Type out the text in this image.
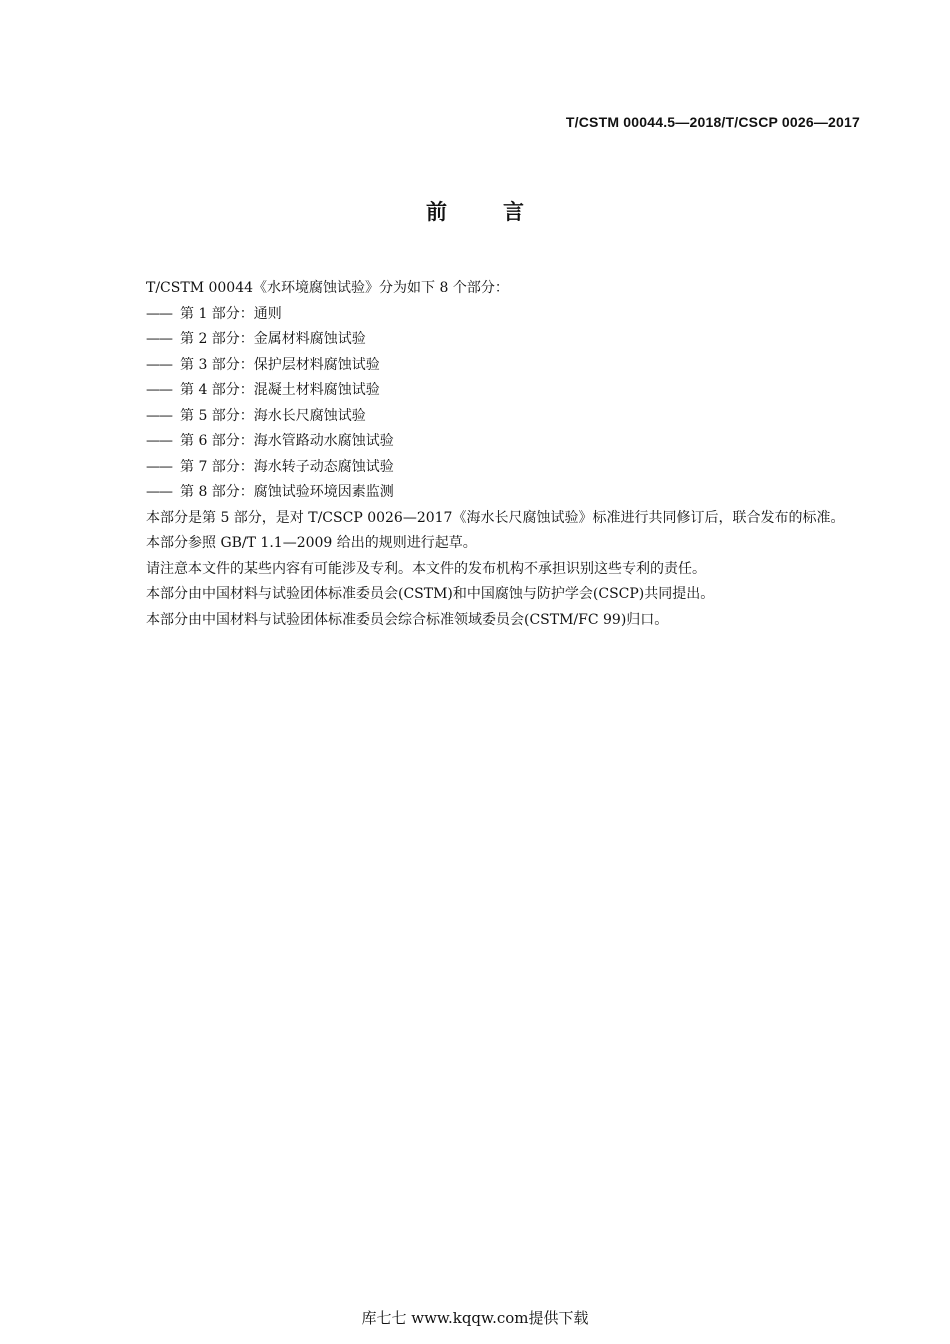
T/CSTM 00044.5—2018/T/CSCP 0026—2017
前言

T/CSTM 00044《水环境腐蚀试验》分为如下 8 个部分：

—— 第 1 部分：通则
—— 第 2 部分：金属材料腐蚀试验
—— 第 3 部分：保护层材料腐蚀试验
—— 第 4 部分：混凝土材料腐蚀试验
—— 第 5 部分：海水长尺腐蚀试验
—— 第 6 部分：海水管路动水腐蚀试验
—— 第 7 部分：海水转子动态腐蚀试验
—— 第 8 部分：腐蚀试验环境因素监测

本部分是第 5 部分，是对 T/CSCP 0026—2017《海水长尺腐蚀试验》标准进行共同修订后，联合发布的标准。

本部分参照 GB/T 1.1—2009 给出的规则进行起草。

请注意本文件的某些内容有可能涉及专利。本文件的发布机构不承担识别这些专利的责任。

本部分由中国材料与试验团体标准委员会(CSTM)和中国腐蚀与防护学会(CSCP)共同提出。

本部分由中国材料与试验团体标准委员会综合标准领域委员会(CSTM/FC 99)归口。

库七七 www.kqqw.com提供下载
